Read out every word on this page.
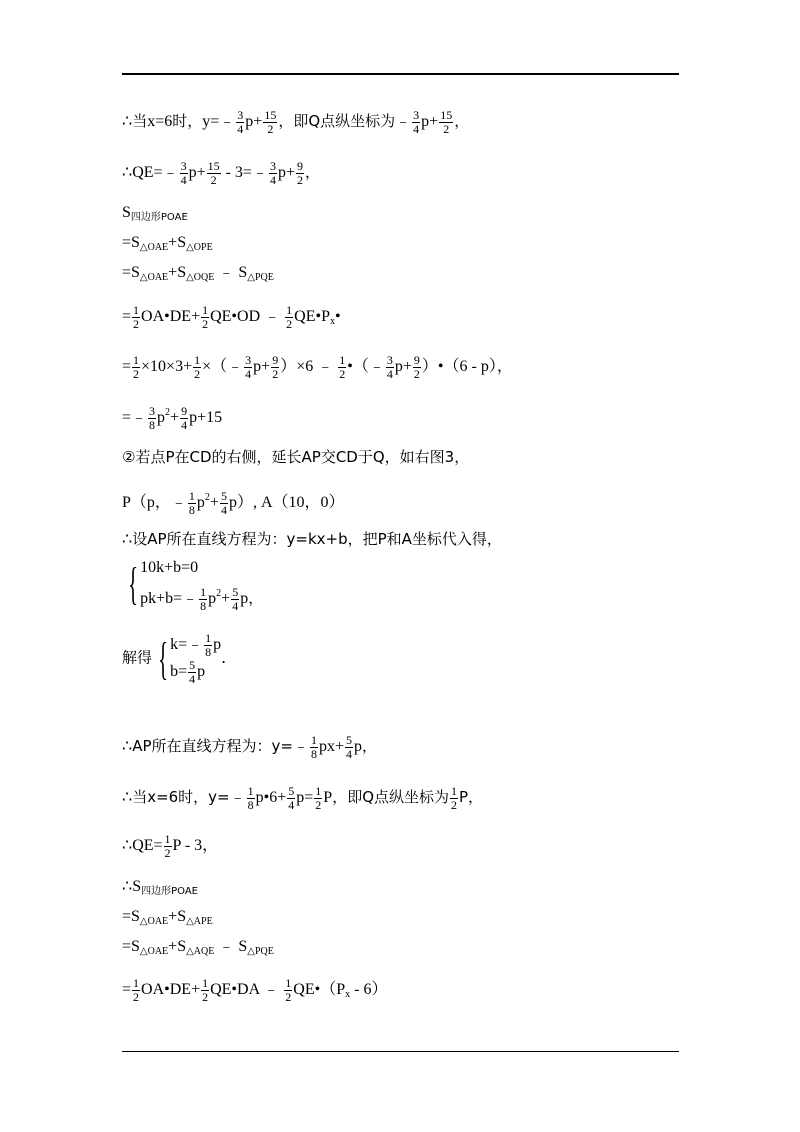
∴当x=6时，y=﹣ $\frac{3}{4} p+ \frac{15}{2}$ ，即Q点纵坐标为﹣ $\frac{3}{4} p+ \frac{15}{2}$ ，
∴QE=﹣ $\frac{3}{4} p+ \frac{15}{2}$ - 3=﹣ $\frac{3}{4} p+ \frac{9}{2}$ ，
$S_{四边形POAE}$
$=S_{\triangle OAE}+S_{\triangle OPE}$
$=S_{\triangle OAE}+S_{\triangle OQE}$ ﹣ $S_{\triangle PQE}$
= $\frac{1}{2}$ OA•DE+ $\frac{1}{2}$ QE•OD ﹣ $\frac{1}{2}$ $QE•P_x•$
= $\frac{1}{2} \times 10\times 3+ \frac{1}{2}$ ×（﹣ $\frac{3}{4} p+ \frac{9}{2} )\times 6$ ﹣ $\frac{1}{2}$ •（﹣ $\frac{3}{4} p+ \frac{9}{2}$ ）•（6 - p），
=﹣ $\frac{3}{8} p^2+ \frac{9}{4} p+15$
②若点P在CD的右侧，延长AP交CD于Q，如右图3，
P（p，﹣ $\frac{1}{8} p^2+ \frac{5}{4} p$）, A（10，0）
∴设AP所在直线方程为：y=kx+b，把P和A坐标代入得，
{ 10k+b=0
pk+b=﹣ $\frac{1}{8} p^2+ \frac{5}{4}$ p，
解得 { k=﹣ $\frac{1}{8}$ p
$b= \frac{5}{4}$ p
．
∴AP所在直线方程为：y=﹣ $\frac{1}{8} px+ \frac{5}{4}$ p，
∴当x=6时，y=﹣ $\frac{1}{8}$ p•6+ $\frac{5}{4} p= \frac{1}{2}$ P，即Q点纵坐标为 $\frac{1}{2}$ P，
∴QE= $\frac{1}{2}$ P - 3，
$\therefore S_{四边形POAE}$
$=S_{\triangle OAE}+S_{\triangle APE}$
$=S_{\triangle OAE}+S_{\triangle AQE}$ ﹣ $S_{\triangle PQE}$
= $\frac{1}{2}$ OA•DE+ $\frac{1}{2}$ QE•DA ﹣ $\frac{1}{2}$ $QE•(P_x - 6)$
